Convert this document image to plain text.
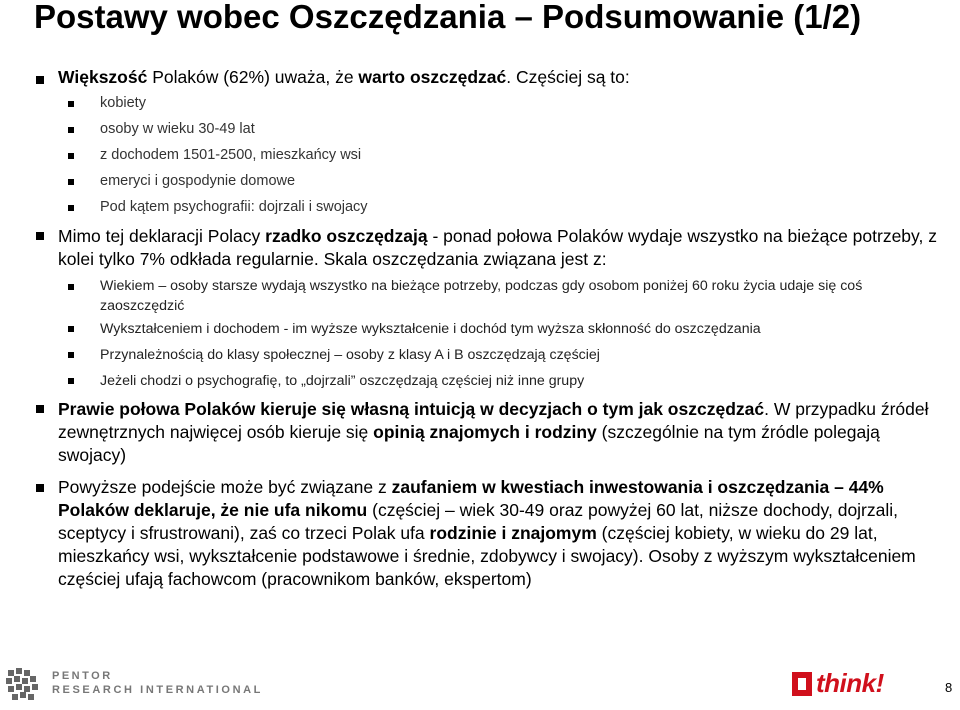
Postawy wobec Oszczędzania – Podsumowanie (1/2)
Większość Polaków (62%) uważa, że warto oszczędzać. Częściej są to:
kobiety
osoby w wieku 30-49 lat
z dochodem 1501-2500, mieszkańcy wsi
emeryci i gospodynie domowe
Pod kątem psychografii: dojrzali i swojacy
Mimo tej deklaracji Polacy rzadko oszczędzają - ponad połowa Polaków wydaje wszystko na bieżące potrzeby, z kolei tylko 7% odkłada regularnie. Skala oszczędzania związana jest z:
Wiekiem – osoby starsze wydają wszystko na bieżące potrzeby, podczas gdy osobom poniżej 60 roku życia udaje się coś zaoszczędzić
Wykształceniem i dochodem - im wyższe wykształcenie i dochód tym wyższa skłonność do oszczędzania
Przynależnością do klasy społecznej – osoby z klasy A i B oszczędzają częściej
Jeżeli chodzi o psychografię, to „dojrzali” oszczędzają częściej niż inne grupy
Prawie połowa Polaków kieruje się własną intuicją w decyzjach o tym jak oszczędzać. W przypadku źródeł zewnętrznych najwięcej osób kieruje się opinią znajomych i rodziny (szczególnie na tym źródle polegają swojacy)
Powyższe podejście może być związane z zaufaniem w kwestiach inwestowania i oszczędzania – 44% Polaków deklaruje, że nie ufa nikomu (częściej – wiek 30-49 oraz powyżej 60 lat, niższe dochody, dojrzali, sceptycy i sfrustrowani), zaś co trzeci Polak ufa rodzinie i znajomym (częściej kobiety, w wieku do 29 lat, mieszkańcy wsi, wykształcenie podstawowe i średnie, zdobywcy i swojacy). Osoby z wyższym wykształceniem częściej ufają fachowcom (pracownikom banków, ekspertom)
PENTOR
RESEARCH INTERNATIONAL	think!	8
